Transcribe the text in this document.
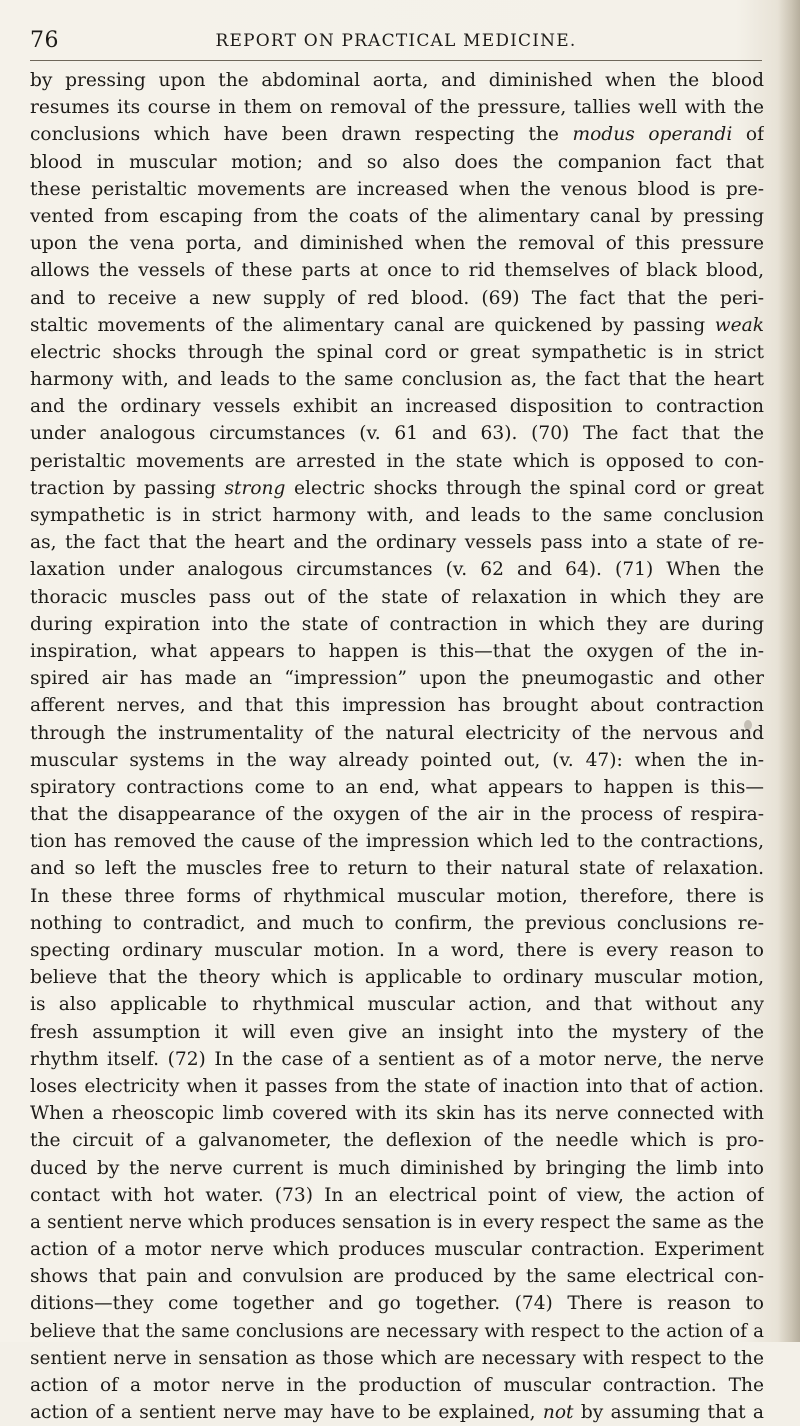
REPORT ON PRACTICAL MEDICINE.
76
by pressing upon the abdominal aorta, and diminished when the blood
resumes its course in them on removal of the pressure, tallies well with the
conclusions which have been drawn respecting the modus operandi of
blood in muscular motion; and so also does the companion fact that
these peristaltic movements are increased when the venous blood is pre-
vented from escaping from the coats of the alimentary canal by pressing
upon the vena porta, and diminished when the removal of this pressure
allows the vessels of these parts at once to rid themselves of black blood,
and to receive a new supply of red blood. (69) The fact that the peri-
staltic movements of the alimentary canal are quickened by passing weak
electric shocks through the spinal cord or great sympathetic is in strict
harmony with, and leads to the same conclusion as, the fact that the heart
and the ordinary vessels exhibit an increased disposition to contraction
under analogous circumstances (v. 61 and 63). (70) The fact that the
peristaltic movements are arrested in the state which is opposed to con-
traction by passing strong electric shocks through the spinal cord or great
sympathetic is in strict harmony with, and leads to the same conclusion
as, the fact that the heart and the ordinary vessels pass into a state of re-
laxation under analogous circumstances (v. 62 and 64). (71) When the
thoracic muscles pass out of the state of relaxation in which they are
during expiration into the state of contraction in which they are during
inspiration, what appears to happen is this—that the oxygen of the in-
spired air has made an “impression” upon the pneumogastic and other
afferent nerves, and that this impression has brought about contraction
through the instrumentality of the natural electricity of the nervous and
muscular systems in the way already pointed out, (v. 47): when the in-
spiratory contractions come to an end, what appears to happen is this—
that the disappearance of the oxygen of the air in the process of respira-
tion has removed the cause of the impression which led to the contractions,
and so left the muscles free to return to their natural state of relaxation.
In these three forms of rhythmical muscular motion, therefore, there is
nothing to contradict, and much to confirm, the previous conclusions re-
specting ordinary muscular motion. In a word, there is every reason to
believe that the theory which is applicable to ordinary muscular motion,
is also applicable to rhythmical muscular action, and that without any
fresh assumption it will even give an insight into the mystery of the
rhythm itself. (72) In the case of a sentient as of a motor nerve, the nerve
loses electricity when it passes from the state of inaction into that of action.
When a rheoscopic limb covered with its skin has its nerve connected with
the circuit of a galvanometer, the deflexion of the needle which is pro-
duced by the nerve current is much diminished by bringing the limb into
contact with hot water. (73) In an electrical point of view, the action of
a sentient nerve which produces sensation is in every respect the same as the
action of a motor nerve which produces muscular contraction. Experiment
shows that pain and convulsion are produced by the same electrical con-
ditions—they come together and go together. (74) There is reason to
believe that the same conclusions are necessary with respect to the action of a
sentient nerve in sensation as those which are necessary with respect to the
action of a motor nerve in the production of muscular contraction. The
action of a sentient nerve may have to be explained, not by assuming that a
